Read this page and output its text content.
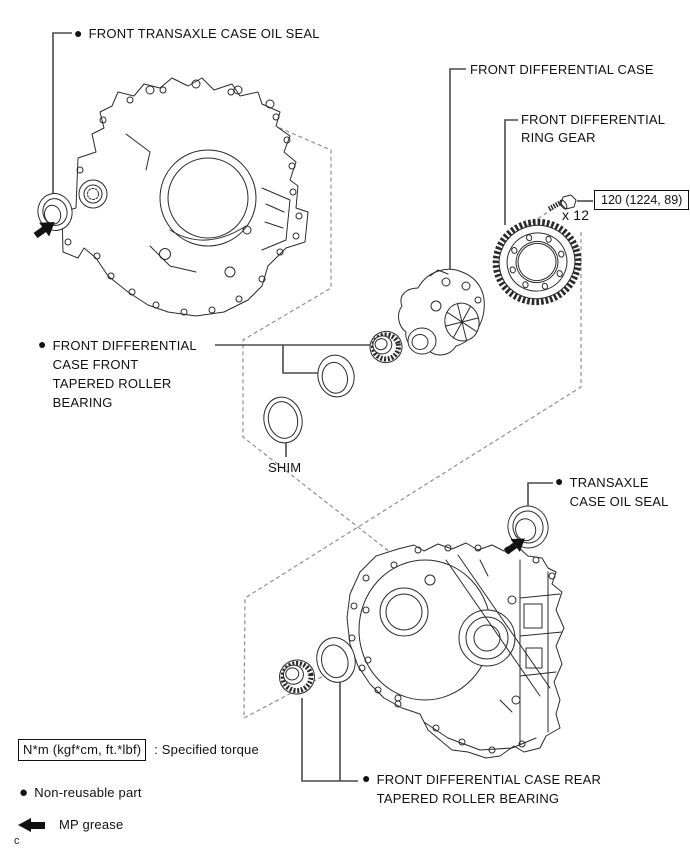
● FRONT TRANSAXLE CASE OIL SEAL
FRONT DIFFERENTIAL CASE
FRONT DIFFERENTIAL
RING GEAR
120 (1224, 89)
x 12
● FRONT DIFFERENTIAL
CASE FRONT
TAPERED ROLLER
BEARING
SHIM
● TRANSAXLE
CASE OIL SEAL
● FRONT DIFFERENTIAL CASE REAR
TAPERED ROLLER BEARING
N*m (kgf*cm, ft.*lbf) : Specified torque
● Non-reusable part
MP grease
c
